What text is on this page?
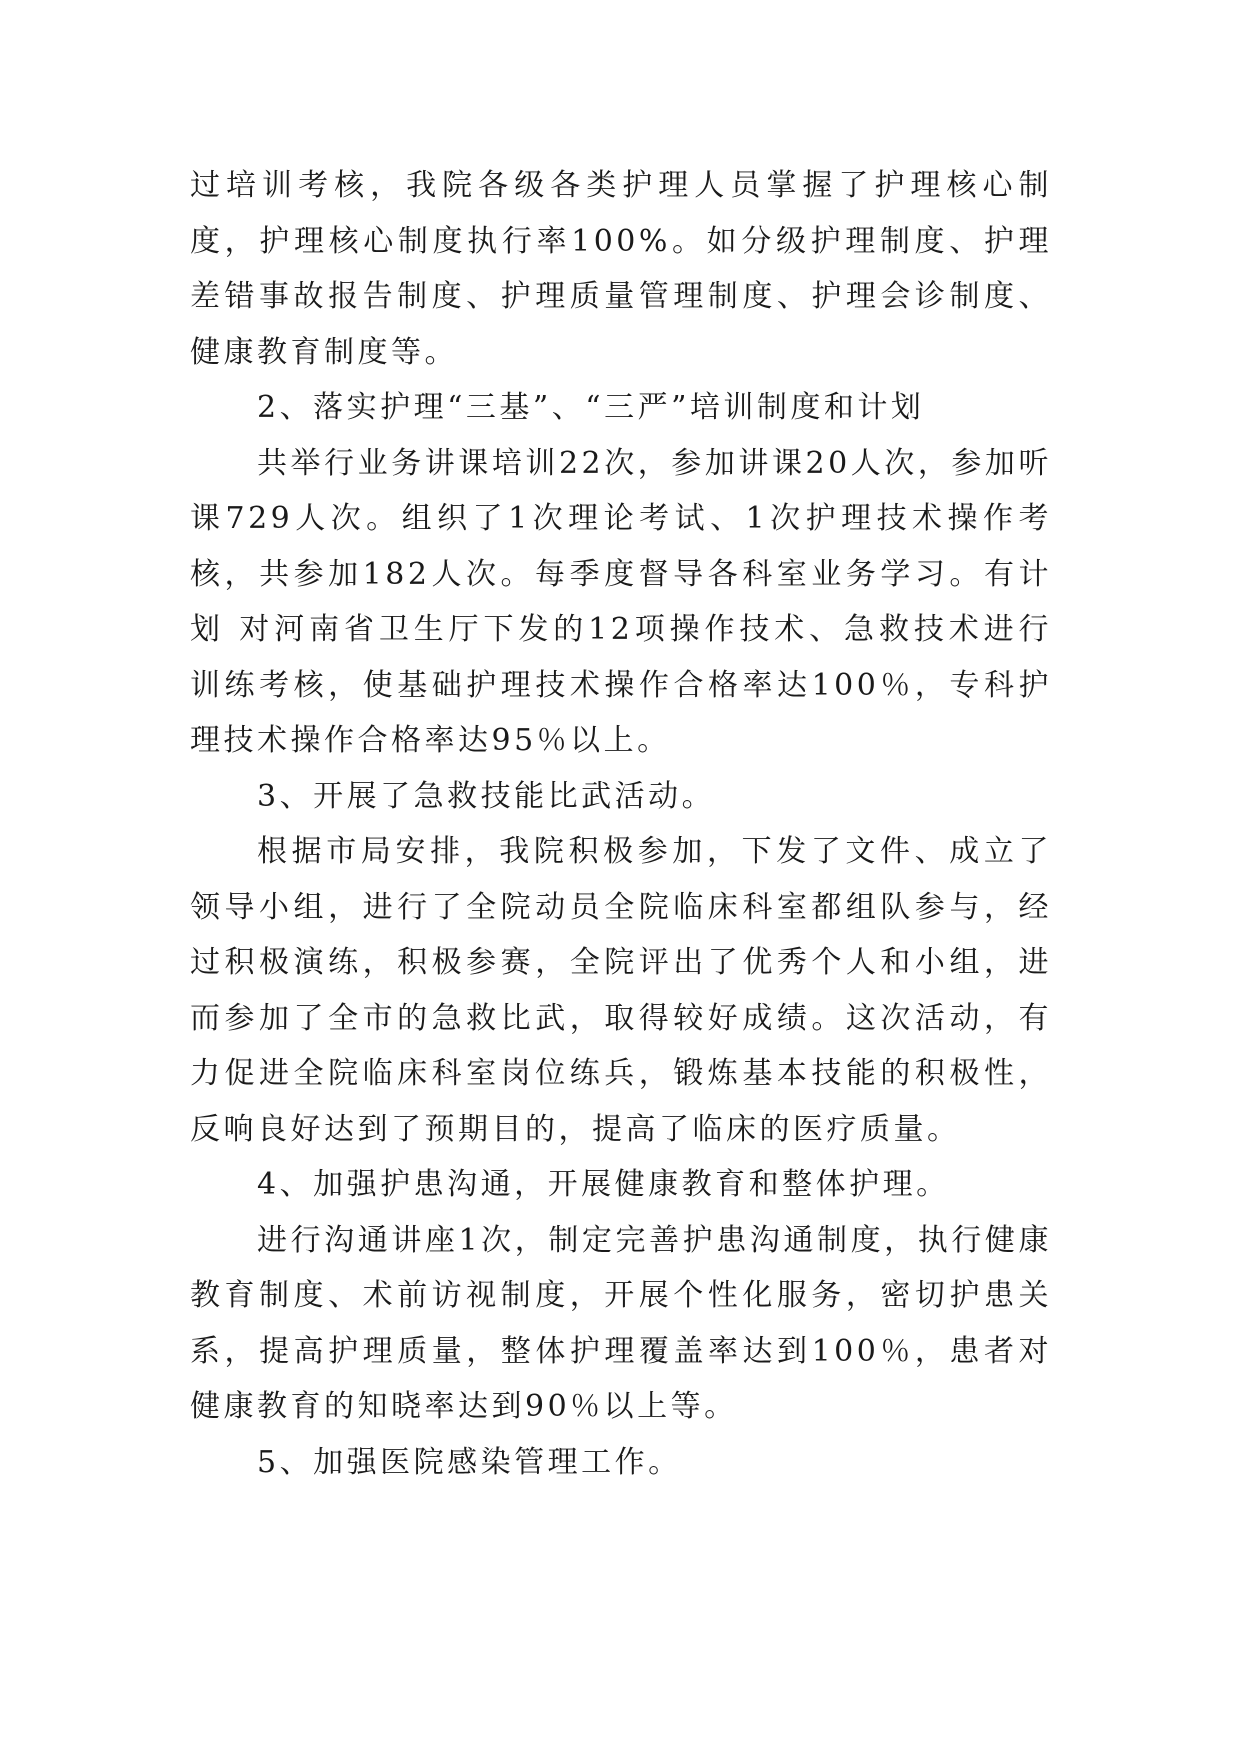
过培训考核，我院各级各类护理人员掌握了护理核心制度，护理核心制度执行率100%。如分级护理制度、护理差错事故报告制度、护理质量管理制度、护理会诊制度、健康教育制度等。

2、落实护理“三基”、“三严”培训制度和计划

共举行业务讲课培训22次，参加讲课20人次，参加听课729人次。组织了1次理论考试、1次护理技术操作考核，共参加182人次。每季度督导各科室业务学习。有计划 对河南省卫生厅下发的12项操作技术、急救技术进行训练考核，使基础护理技术操作合格率达100％，专科护理技术操作合格率达95％以上。

3、开展了急救技能比武活动。

根据市局安排，我院积极参加，下发了文件、成立了领导小组，进行了全院动员全院临床科室都组队参与，经过积极演练，积极参赛，全院评出了优秀个人和小组，进而参加了全市的急救比武，取得较好成绩。这次活动，有力促进全院临床科室岗位练兵，锻炼基本技能的积极性，反响良好达到了预期目的，提高了临床的医疗质量。

4、加强护患沟通，开展健康教育和整体护理。

进行沟通讲座1次，制定完善护患沟通制度，执行健康教育制度、术前访视制度，开展个性化服务，密切护患关系，提高护理质量，整体护理覆盖率达到100％，患者对健康教育的知晓率达到90％以上等。

5、加强医院感染管理工作。
